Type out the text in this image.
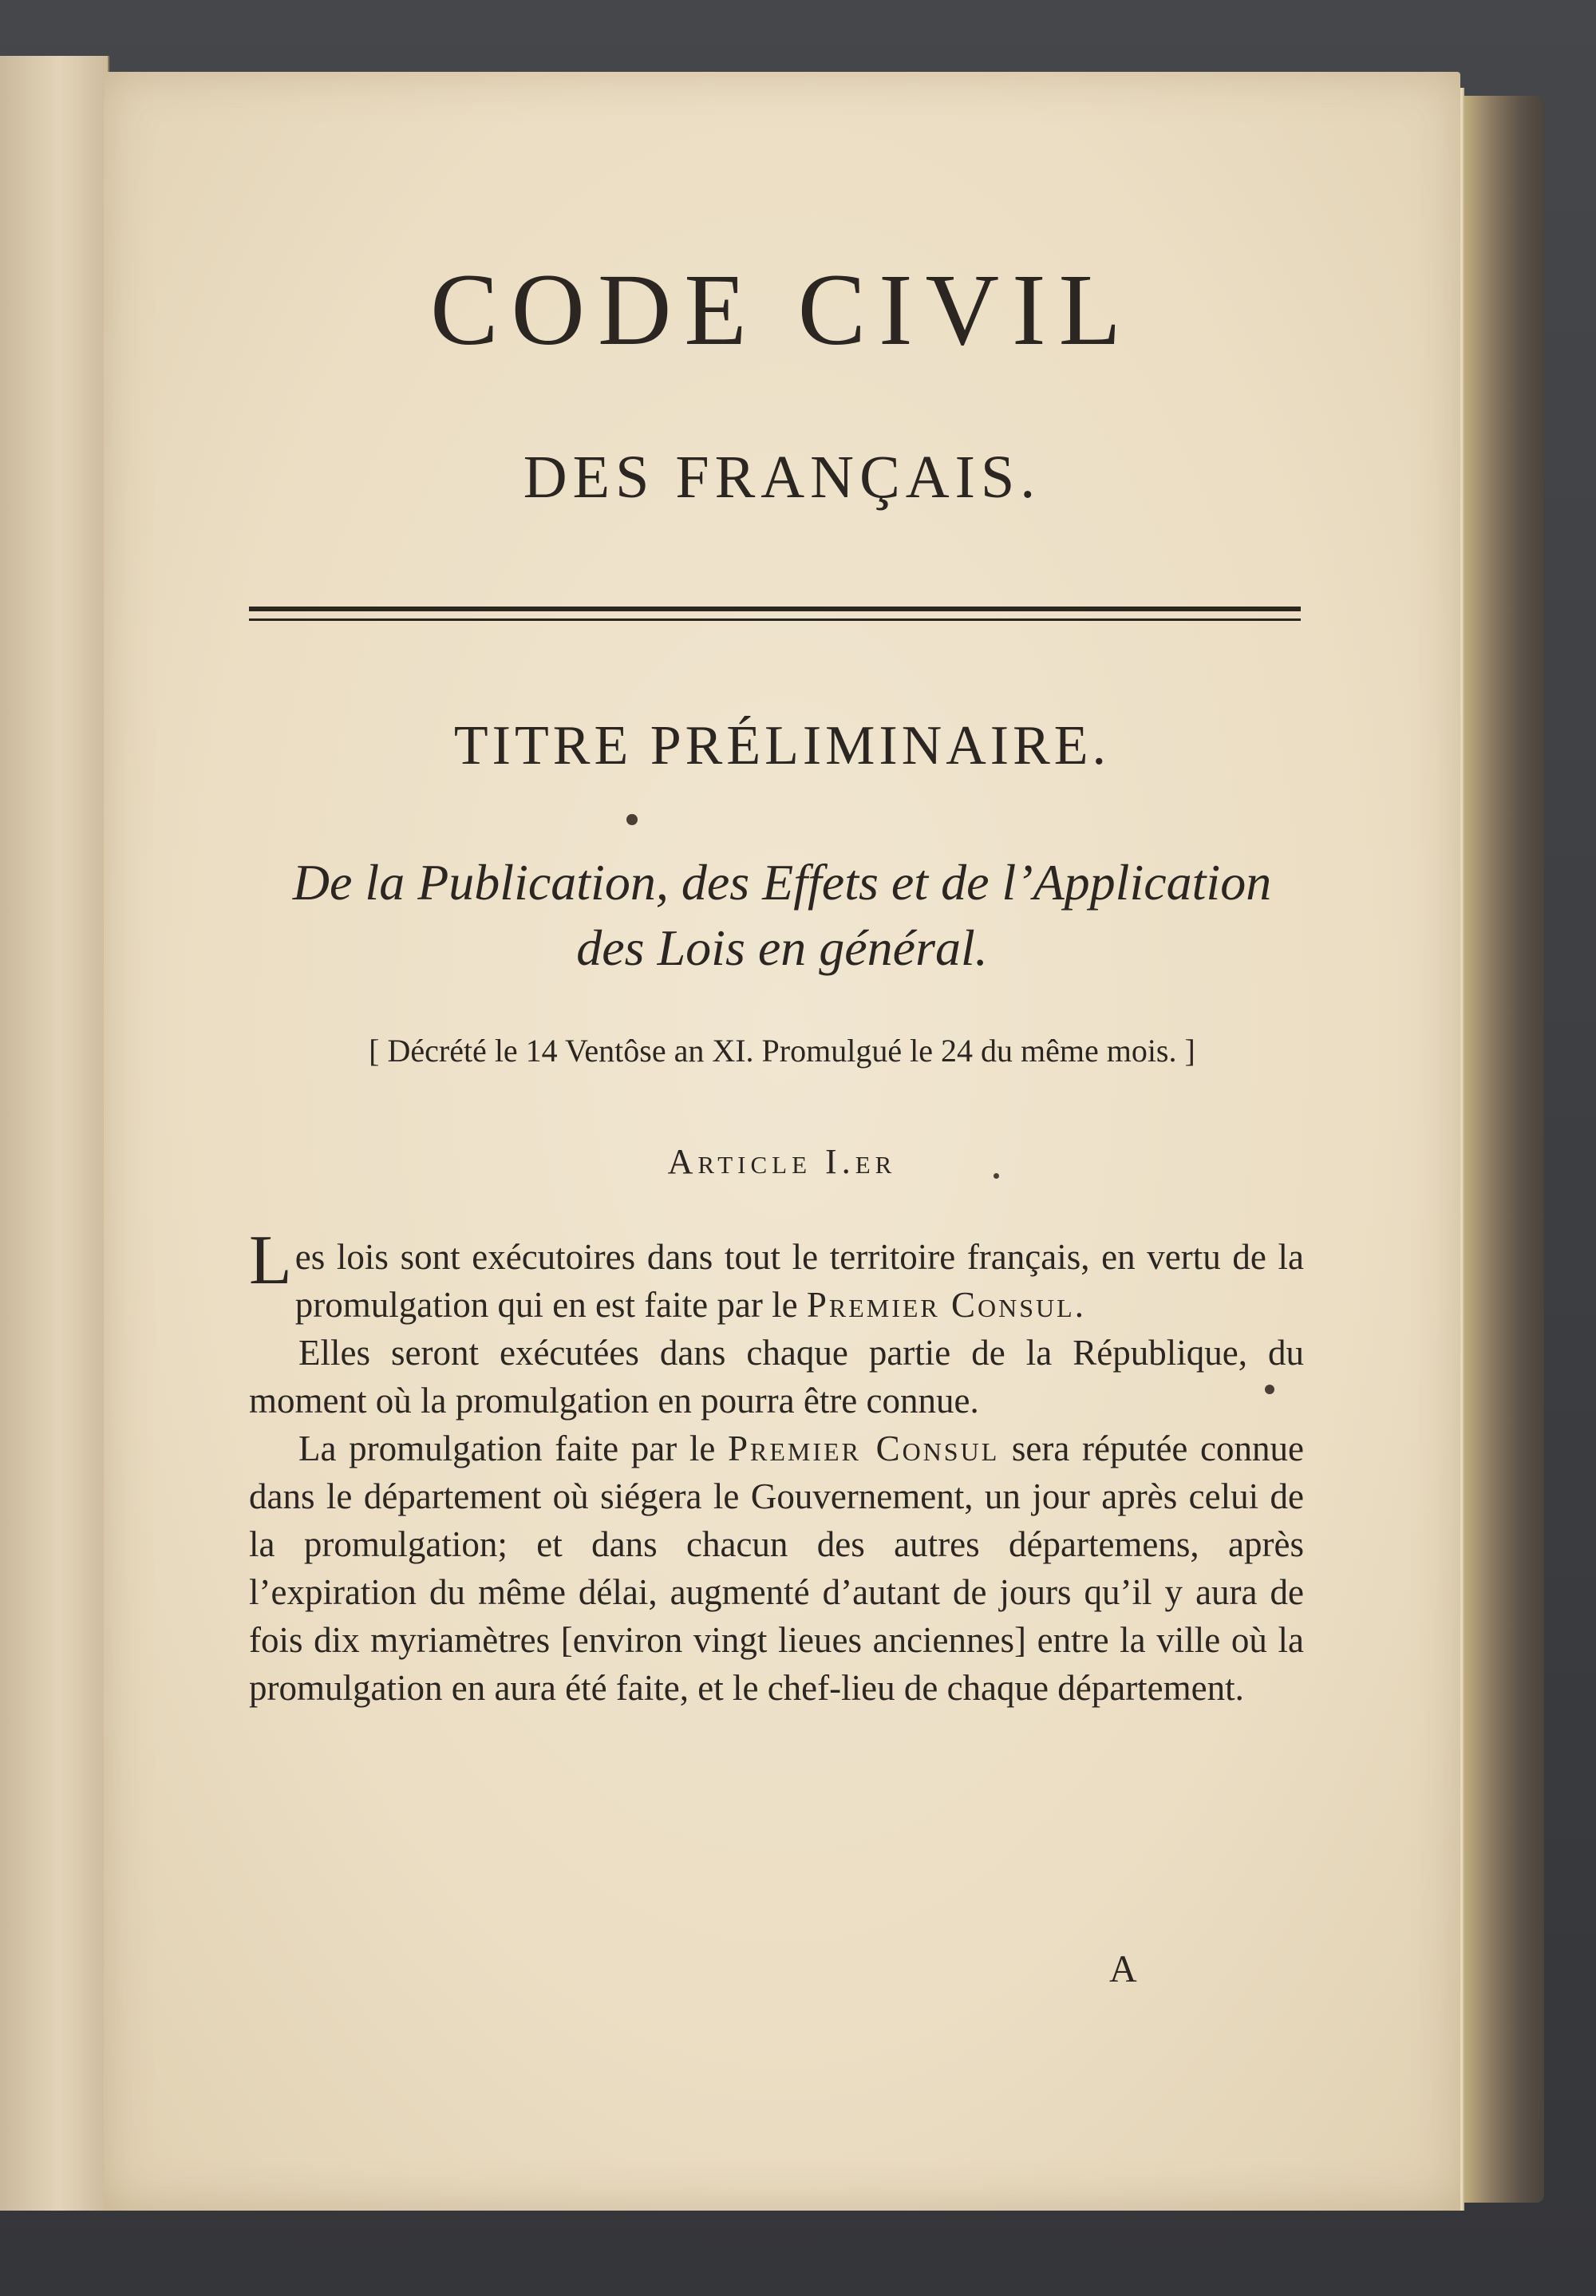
CODE CIVIL
DES FRANÇAIS.
TITRE PRÉLIMINAIRE.
De la Publication, des Effets et de l’Application
des Lois en général.
[ Décrété le 14 Ventôse an XI. Promulgué le 24 du même mois. ]
Article I.er

Les lois sont exécutoires dans tout le territoire français, en vertu de la promulgation qui en est faite par le Premier Consul.

Elles seront exécutées dans chaque partie de la République, du moment où la promulgation en pourra être connue.

La promulgation faite par le Premier Consul sera réputée connue dans le département où siégera le Gouvernement, un jour après celui de la promulgation; et dans chacun des autres départemens, après l’expiration du même délai, augmenté d’autant de jours qu’il y aura de fois dix myriamètres [environ vingt lieues anciennes] entre la ville où la promulgation en aura été faite, et le chef-lieu de chaque département.

A
